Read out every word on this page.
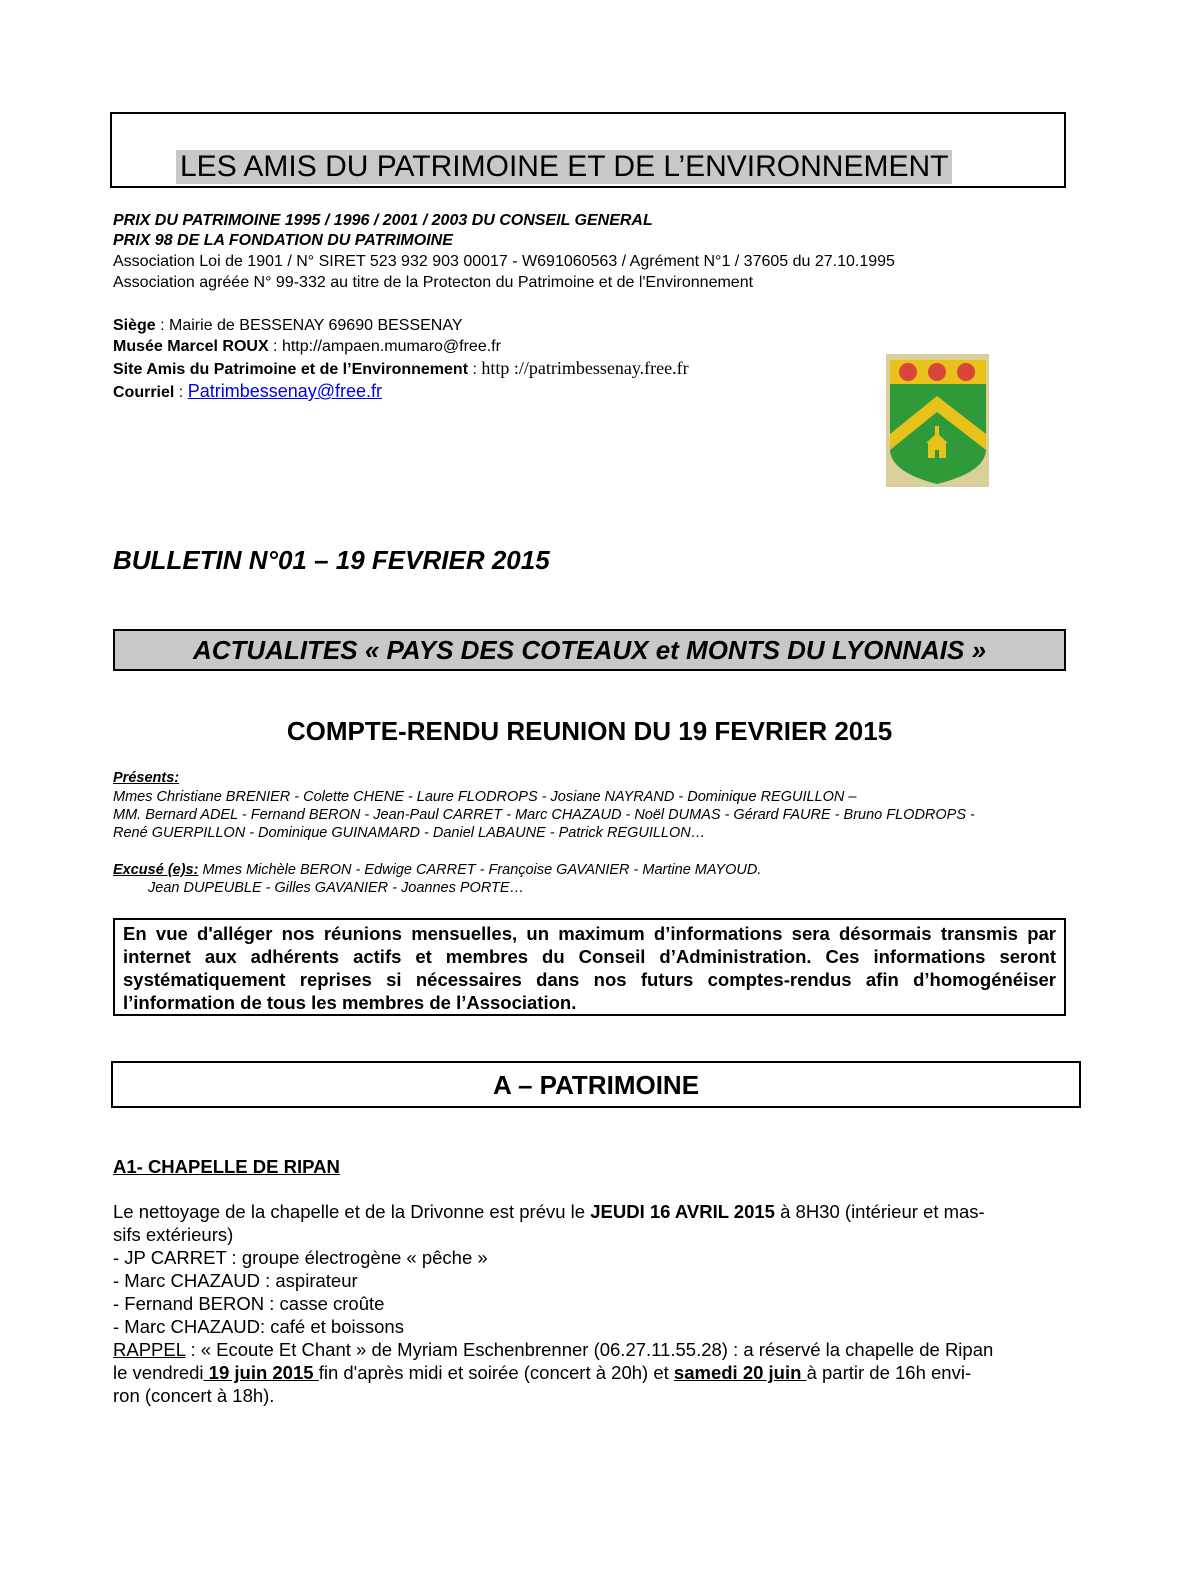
LES AMIS DU PATRIMOINE ET DE L’ENVIRONNEMENT
PRIX DU PATRIMOINE 1995 / 1996 / 2001 / 2003 DU CONSEIL GENERAL
PRIX 98 DE LA FONDATION DU PATRIMOINE
Association Loi de 1901 / N° SIRET 523 932 903 00017 - W691060563 / Agrément N°1 / 37605 du 27.10.1995
Association agréée N° 99-332 au titre de la Protecton du Patrimoine et de l'Environnement
Siège : Mairie de BESSENAY 69690 BESSENAY
Musée Marcel ROUX : http://ampaen.mumaro@free.fr
Site Amis du Patrimoine et de l’Environnement : http ://patrimbessenay.free.fr
Courriel : Patrimbessenay@free.fr
BULLETIN N°01 – 19 FEVRIER 2015
ACTUALITES « PAYS DES COTEAUX et MONTS DU LYONNAIS »
COMPTE-RENDU REUNION DU 19 FEVRIER 2015
Présents:
Mmes Christiane BRENIER - Colette CHENE - Laure FLODROPS - Josiane NAYRAND - Dominique REGUILLON –
MM. Bernard ADEL - Fernand BERON - Jean-Paul CARRET - Marc CHAZAUD - Noël DUMAS - Gérard FAURE - Bruno FLODROPS -
René GUERPILLON - Dominique GUINAMARD - Daniel LABAUNE - Patrick REGUILLON…
Excusé (e)s: Mmes Michèle BERON - Edwige CARRET - Françoise GAVANIER - Martine MAYOUD.
Jean DUPEUBLE - Gilles GAVANIER - Joannes PORTE…
En vue d'alléger nos réunions mensuelles, un maximum d’informations sera désormais transmis par internet aux adhérents actifs et membres du Conseil d’Administration. Ces informations seront systématiquement reprises si nécessaires dans nos futurs comptes-rendus afin d’homogénéiser l’information de tous les membres de l’Association.
A – PATRIMOINE
A1- CHAPELLE DE RIPAN
Le nettoyage de la chapelle et de la Drivonne est prévu le JEUDI 16 AVRIL 2015 à 8H30 (intérieur et mas-
sifs extérieurs)
- JP CARRET : groupe électrogène « pêche »
- Marc CHAZAUD : aspirateur
- Fernand BERON : casse croûte
- Marc CHAZAUD: café et boissons
RAPPEL : « Ecoute Et Chant » de Myriam Eschenbrenner (06.27.11.55.28) : a réservé la chapelle de Ripan
le vendredi 19 juin 2015 fin d'après midi et soirée (concert à 20h) et samedi 20 juin à partir de 16h envi-
ron (concert à 18h).
